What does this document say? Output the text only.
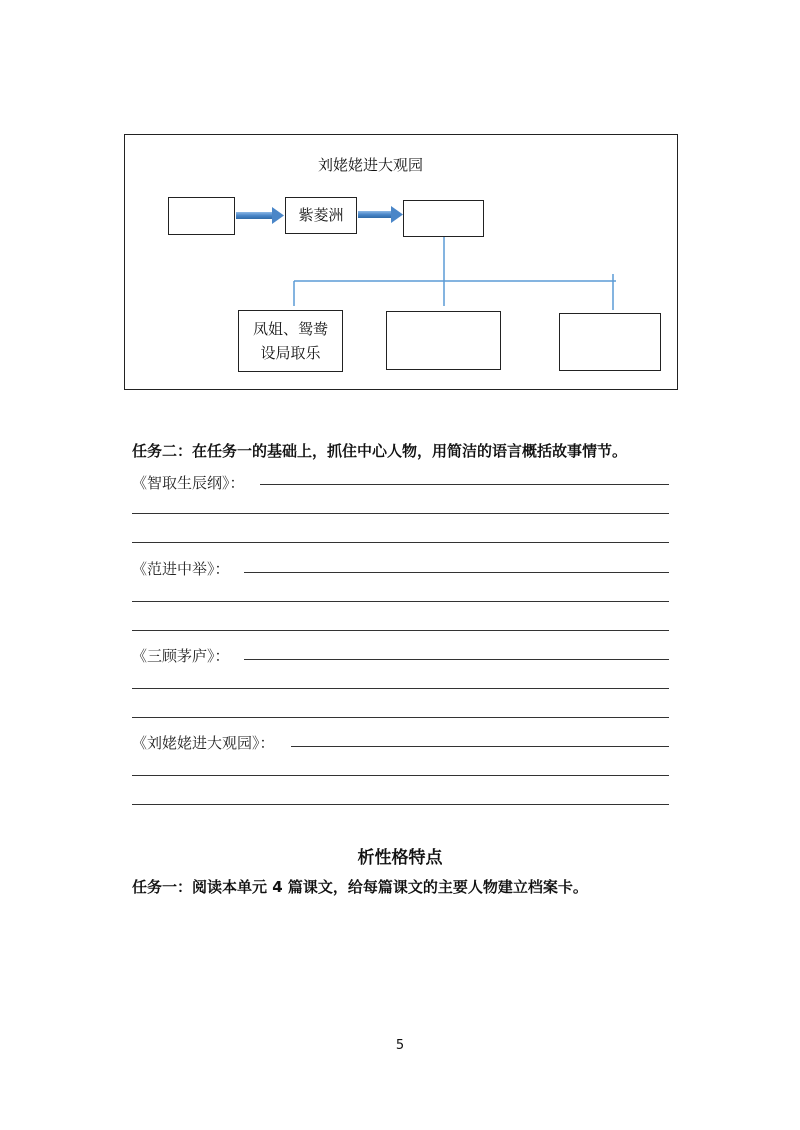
刘姥姥进大观园
紫菱洲
凤姐、鸳鸯
设局取乐
任务二：在任务一的基础上，抓住中心人物，用简洁的语言概括故事情节。
《智取生辰纲》：
《范进中举》：
《三顾茅庐》：
《刘姥姥进大观园》：
析性格特点
任务一：阅读本单元 4 篇课文，给每篇课文的主要人物建立档案卡。
5
